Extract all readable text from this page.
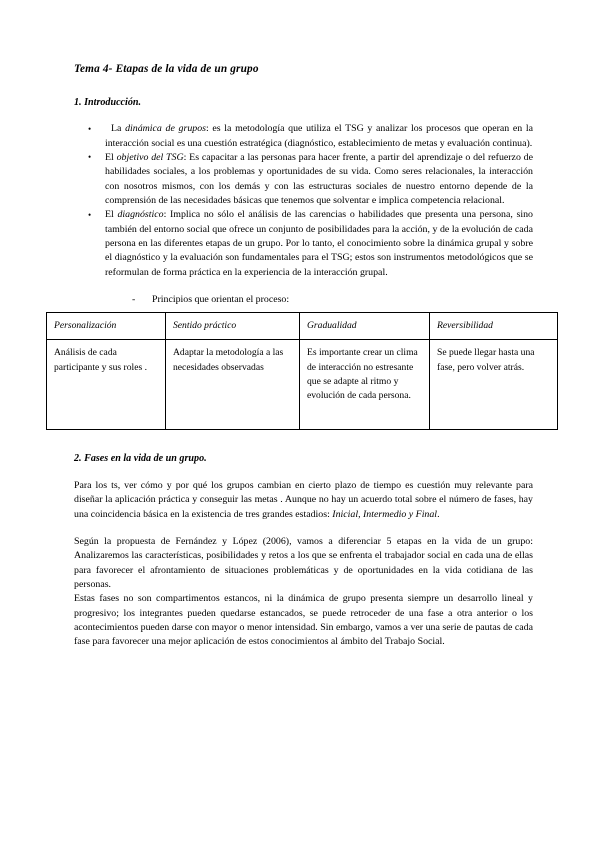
Tema 4- Etapas de la vida de un grupo
1. Introducción.
• La dinámica de grupos: es la metodología que utiliza el TSG y analizar los procesos que operan en la interacción social es una cuestión estratégica (diagnóstico, establecimiento de metas y evaluación continua).
• El objetivo del TSG: Es capacitar a las personas para hacer frente, a partir del aprendizaje o del refuerzo de habilidades sociales, a los problemas y oportunidades de su vida. Como seres relacionales, la interacción con nosotros mismos, con los demás y con las estructuras sociales de nuestro entorno depende de la comprensión de las necesidades básicas que tenemos que solventar e implica competencia relacional.
• El diagnóstico: Implica no sólo el análisis de las carencias o habilidades que presenta una persona, sino también del entorno social que ofrece un conjunto de posibilidades para la acción, y de la evolución de cada persona en las diferentes etapas de un grupo. Por lo tanto, el conocimiento sobre la dinámica grupal y sobre el diagnóstico y la evaluación son fundamentales para el TSG; estos son instrumentos metodológicos que se reformulan de forma práctica en la experiencia de la interacción grupal.
- Principios que orientan el proceso:
Personalización	Sentido práctico	Gradualidad	Reversibilidad
Análisis de cada participante y sus roles .	Adaptar la metodología a las necesidades observadas	Es importante crear un clima de interacción no estresante que se adapte al ritmo y evolución de cada persona.	Se puede llegar hasta una fase, pero volver atrás.
2. Fases en la vida de un grupo.

Para los ts, ver cómo y por qué los grupos cambian en cierto plazo de tiempo es cuestión muy relevante para diseñar la aplicación práctica y conseguir las metas . Aunque no hay un acuerdo total sobre el número de fases, hay una coincidencia básica en la existencia de tres grandes estadios: Inicial, Intermedio y Final.

Según la propuesta de Fernández y López (2006), vamos a diferenciar 5 etapas en la vida de un grupo: Analizaremos las características, posibilidades y retos a los que se enfrenta el trabajador social en cada una de ellas para favorecer el afrontamiento de situaciones problemáticas y de oportunidades en la vida cotidiana de las personas.

Estas fases no son compartimentos estancos, ni la dinámica de grupo presenta siempre un desarrollo lineal y progresivo; los integrantes pueden quedarse estancados, se puede retroceder de una fase a otra anterior o los acontecimientos pueden darse con mayor o menor intensidad. Sin embargo, vamos a ver una serie de pautas de cada fase para favorecer una mejor aplicación de estos conocimientos al ámbito del Trabajo Social.
